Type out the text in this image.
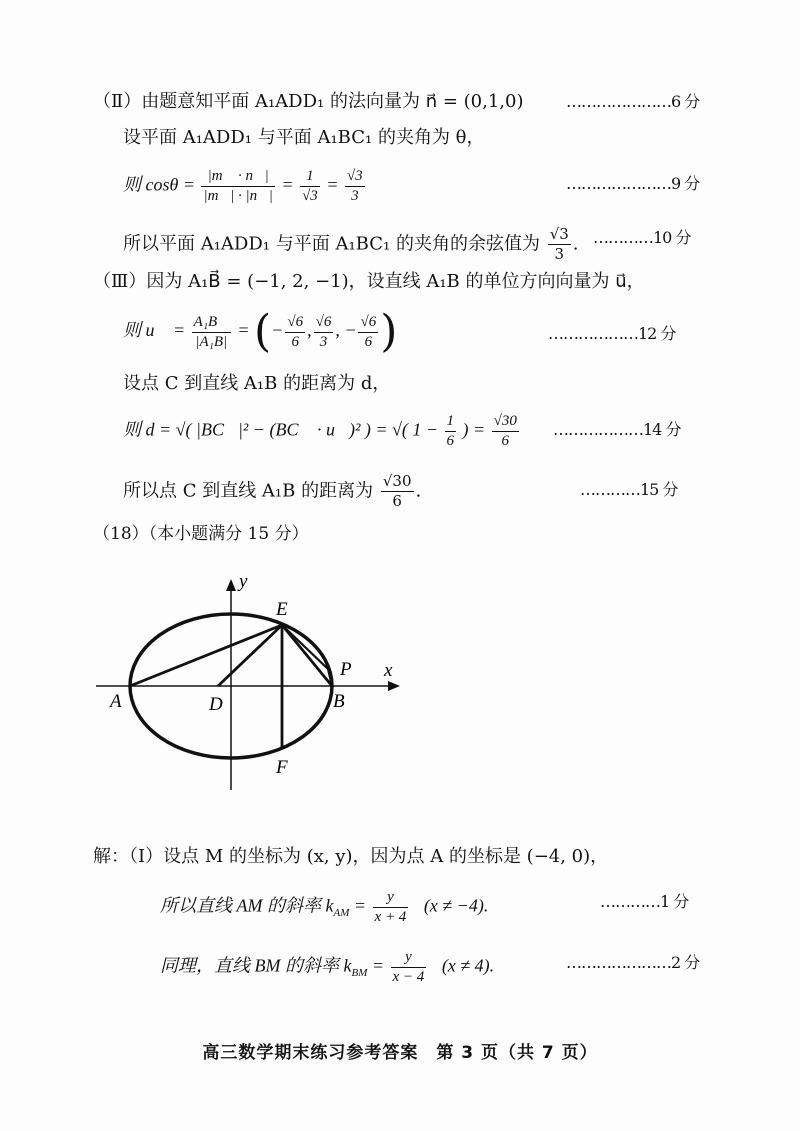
（Ⅱ）由题意知平面 A₁ADD₁ 的法向量为 n⃗ = (0,1,0)	…………………6 分
设平面 A₁ADD₁ 与平面 A₁BC₁ 的夹角为 θ，
则 $\cos\theta = \frac{|m⃗ \cdot n⃗|}{|m⃗| \cdot |n⃗|} = \frac{1}{√3} = \frac{√3}{3}$	…………………9 分
所以平面 A₁ADD₁ 与平面 A₁BC₁ 的夹角的余弦值为 $\frac{√3}{3}$ . …………10 分
（Ⅲ）因为 A₁B⃗ = (−1, 2, −1)，设直线 A₁B 的单位方向向量为 u⃗，
则 u⃗ = $\frac{\text{A₁B⃗}}{\text{|A₁B|}}$ = (− $\frac{√6}{6}$ , $\frac{√6}{3}$ , − $\frac{√6}{6}$ )	………………12 分
设点 C 到直线 A₁B 的距离为 d，
则 d = √( |BC⃗|² − (BC⃗ · u⃗)² ) = √( $1 - \frac{1}{6}$ ) = $\frac{√30}{6}$ ………………14 分
所以点 C 到直线 A₁B 的距离为 $\frac{√30}{6}$ .	…………15 分
（18）（本小题满分 15 分）
y
x
E
P
A	D	B
F
解：（Ⅰ）设点 M 的坐标为 (x, y)，因为点 A 的坐标是 (−4, 0)，
所以直线 AM 的斜率 $k_{AM} = \frac{y}{x + 4} (x \ne -4)$.	…………1 分
同理，直线 BM 的斜率 $k_{BM} = \frac{y}{x - 4} (x \ne 4)$.	…………………2 分
高三数学期末练习参考答案　第 3 页（共 7 页）
